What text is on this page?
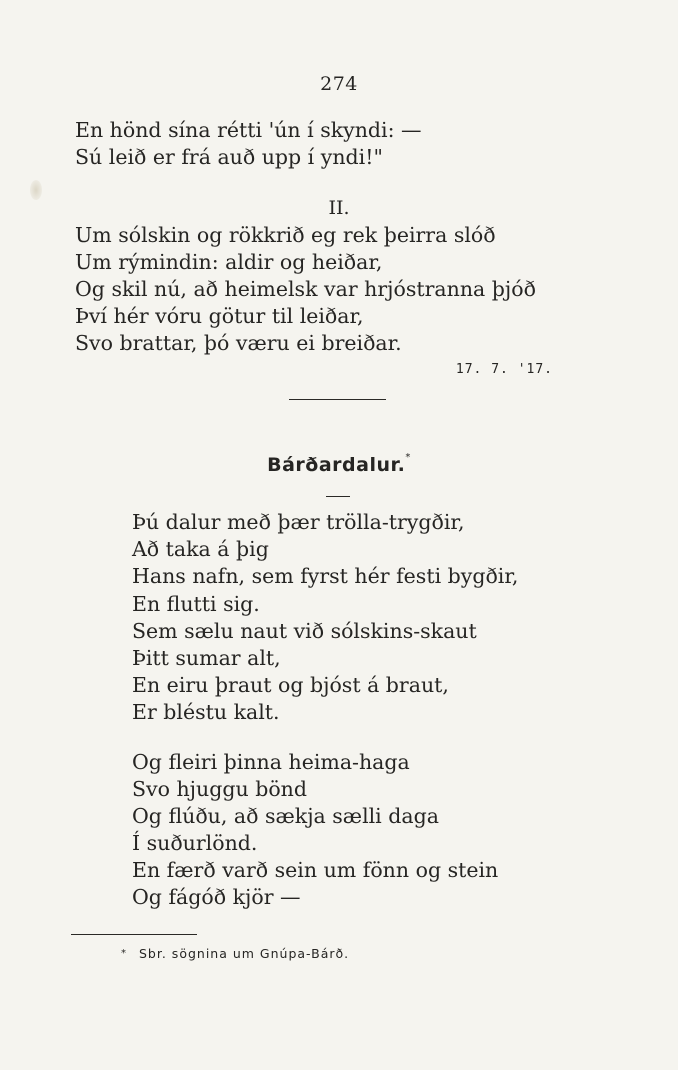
274
En hönd sína rétti 'ún í skyndi: —
Sú leið er frá auð upp í yndi!"
II.
Um sólskin og rökkrið eg rek þeirra slóð
Um rýmindin: aldir og heiðar,
Og skil nú, að heimelsk var hrjóstranna þjóð
Því hér vóru götur til leiðar,
Svo brattar, þó væru ei breiðar.
17. 7. '17.
Bárðardalur.*
Þú dalur með þær trölla-trygðir,
Að taka á þig
Hans nafn, sem fyrst hér festi bygðir,
En flutti sig.
Sem sælu naut við sólskins-skaut
Þitt sumar alt,
En eiru þraut og bjóst á braut,
Er bléstu kalt.
Og fleiri þinna heima-haga
Svo hjuggu bönd
Og flúðu, að sækja sælli daga
Í suðurlönd.
En færð varð sein um fönn og stein
Og fágóð kjör —
* Sbr. sögnina um Gnúpa-Bárð.
